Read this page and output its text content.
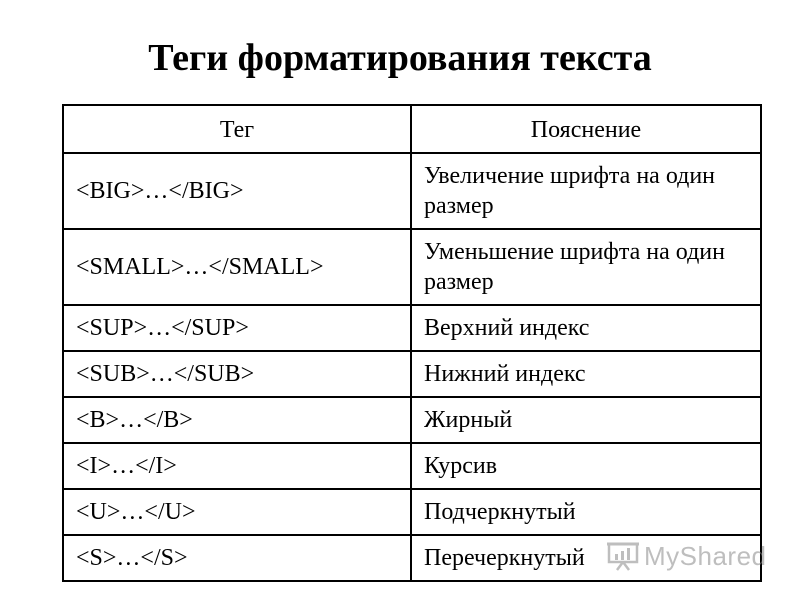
Теги форматирования текста
Тег	Пояснение
<BIG>…</BIG>	Увеличение шрифта на один размер
<SMALL>…</SMALL>	Уменьшение шрифта на один размер
<SUP>…</SUP>	Верхний индекс
<SUB>…</SUB>	Нижний индекс
<B>…</B>	Жирный
<I>…</I>	Курсив
<U>…</U>	Подчеркнутый
<S>…</S>	Перечеркнутый MyShared
